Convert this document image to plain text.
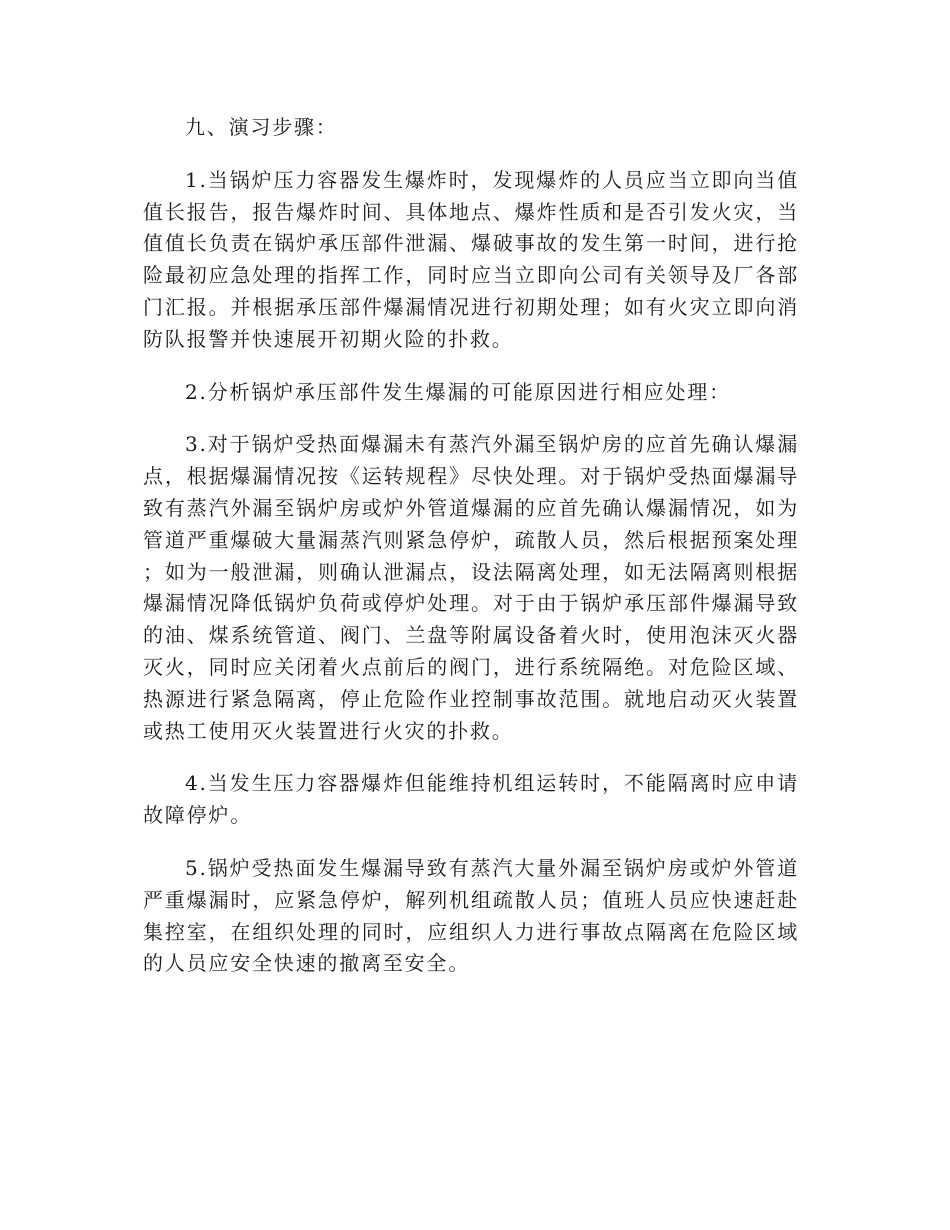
九、演习步骤：

1.当锅炉压力容器发生爆炸时，发现爆炸的人员应当立即向当值值长报告，报告爆炸时间、具体地点、爆炸性质和是否引发火灾，当值值长负责在锅炉承压部件泄漏、爆破事故的发生第一时间，进行抢险最初应急处理的指挥工作，同时应当立即向公司有关领导及厂各部门汇报。并根据承压部件爆漏情况进行初期处理；如有火灾立即向消防队报警并快速展开初期火险的扑救。

2.分析锅炉承压部件发生爆漏的可能原因进行相应处理：

3.对于锅炉受热面爆漏未有蒸汽外漏至锅炉房的应首先确认爆漏点，根据爆漏情况按《运转规程》尽快处理。对于锅炉受热面爆漏导致有蒸汽外漏至锅炉房或炉外管道爆漏的应首先确认爆漏情况，如为管道严重爆破大量漏蒸汽则紧急停炉，疏散人员，然后根据预案处理；如为一般泄漏，则确认泄漏点，设法隔离处理，如无法隔离则根据爆漏情况降低锅炉负荷或停炉处理。对于由于锅炉承压部件爆漏导致的油、煤系统管道、阀门、兰盘等附属设备着火时，使用泡沫灭火器灭火，同时应关闭着火点前后的阀门，进行系统隔绝。对危险区域、热源进行紧急隔离，停止危险作业控制事故范围。就地启动灭火装置或热工使用灭火装置进行火灾的扑救。

4.当发生压力容器爆炸但能维持机组运转时，不能隔离时应申请故障停炉。

5.锅炉受热面发生爆漏导致有蒸汽大量外漏至锅炉房或炉外管道严重爆漏时，应紧急停炉，解列机组疏散人员；值班人员应快速赶赴集控室，在组织处理的同时，应组织人力进行事故点隔离在危险区域的人员应安全快速的撤离至安全。
